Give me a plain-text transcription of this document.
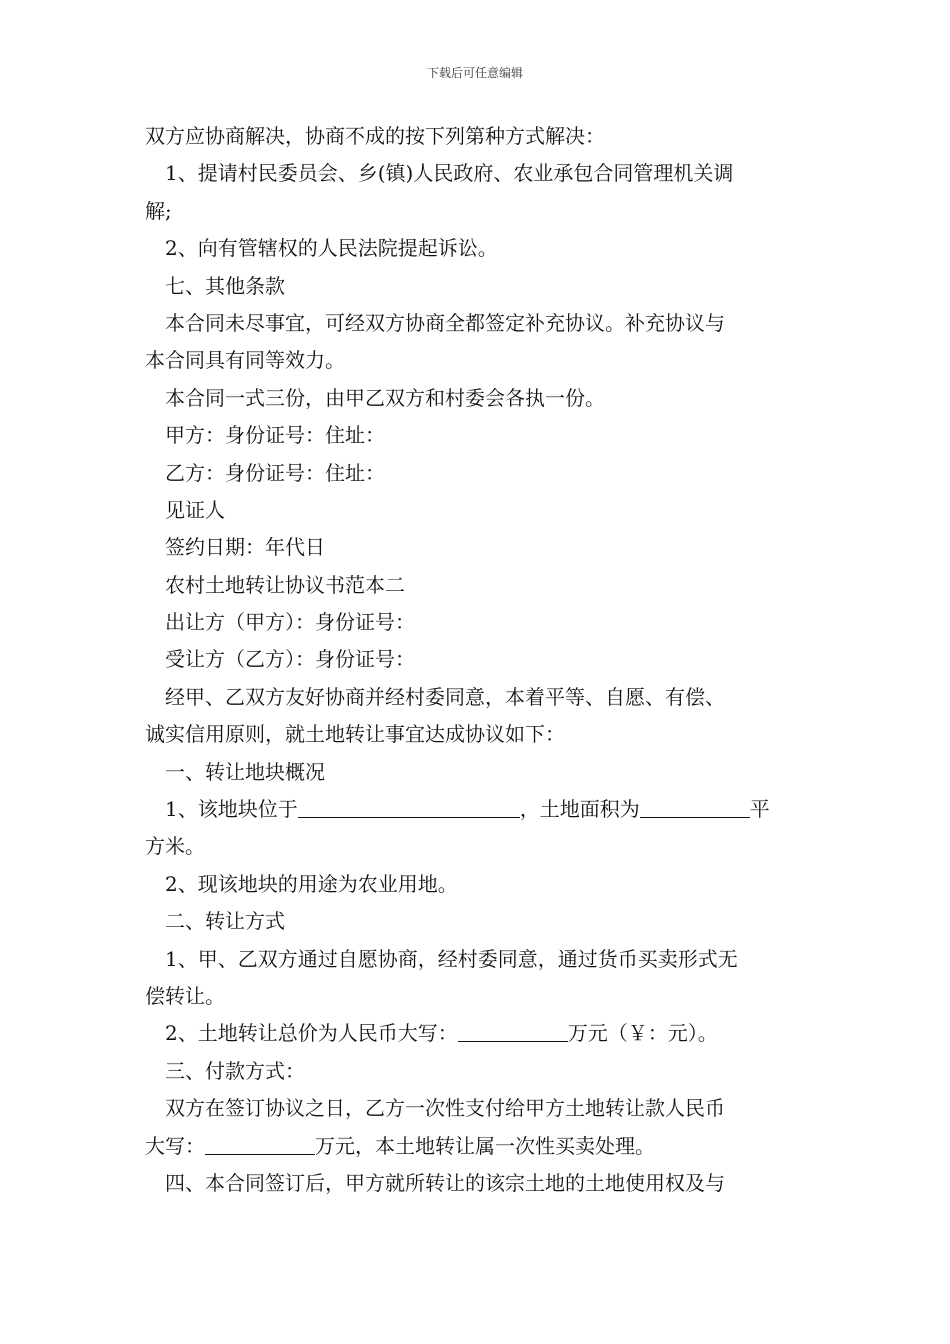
下载后可任意编辑
双方应协商解决，协商不成的按下列第种方式解决：
1、提请村民委员会、乡(镇)人民政府、农业承包合同管理机关调
解;
2、向有管辖权的人民法院提起诉讼。
七、其他条款
本合同未尽事宜，可经双方协商全都签定补充协议。补充协议与
本合同具有同等效力。
本合同一式三份，由甲乙双方和村委会各执一份。
甲方：身份证号：住址：
乙方：身份证号：住址：
见证人
签约日期：年代日
农村土地转让协议书范本二
出让方（甲方）：身份证号：
受让方（乙方）：身份证号：
经甲、乙双方友好协商并经村委同意，本着平等、自愿、有偿、
诚实信用原则，就土地转让事宜达成协议如下：
一、转让地块概况
1、该地块位于	，土地面积为	平
方米。
2、现该地块的用途为农业用地。
二、转让方式
1、甲、乙双方通过自愿协商，经村委同意，通过货币买卖形式无
偿转让。
2、土地转让总价为人民币大写：	万元（￥：元）。
三、付款方式：
双方在签订协议之日，乙方一次性支付给甲方土地转让款人民币
大写：	万元，本土地转让属一次性买卖处理。
四、本合同签订后，甲方就所转让的该宗土地的土地使用权及与
